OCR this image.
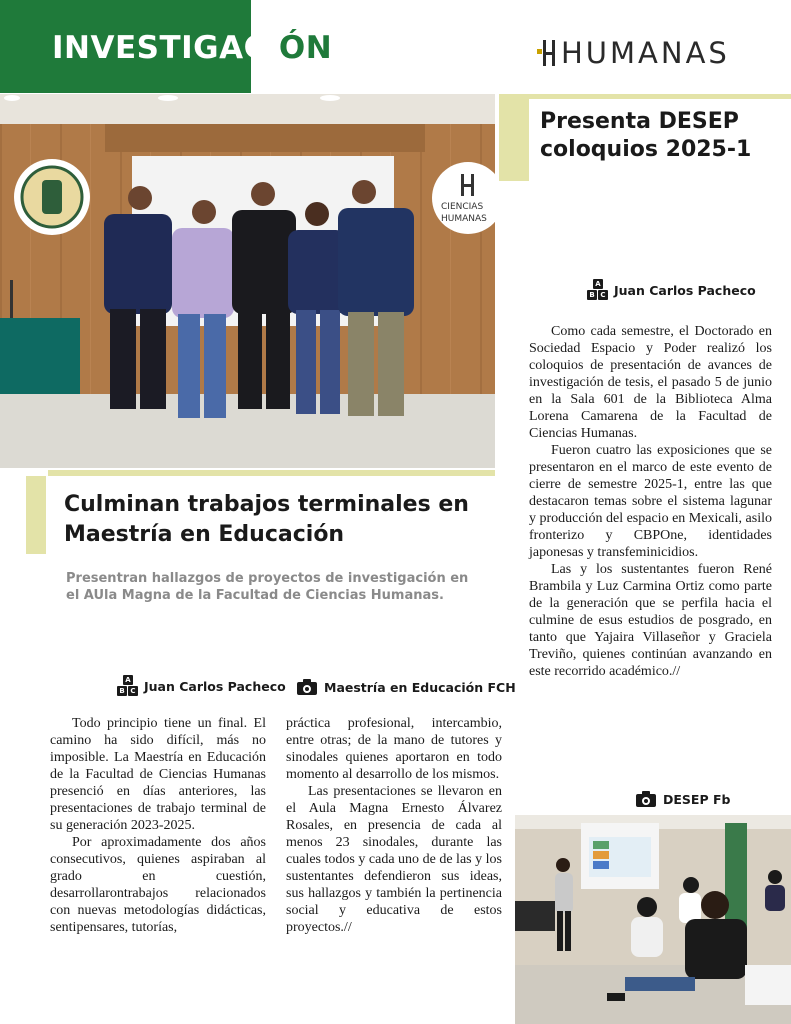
INVESTIGACIÓN	HUMANAS
CIENCIAS
HUMANAS
Presenta DESEP coloquios 2025-1
A
B C Juan Carlos Pacheco

Como cada semestre, el Doctorado en Sociedad Espacio y Poder realizó los coloquios de presentación de avances de investigación de tesis, el pasado 5 de junio en la Sala 601 de la Biblioteca Alma Lorena Camarena de la Facultad de Ciencias Humanas.

Fueron cuatro las exposiciones que se presentaron en el marco de este evento de cierre de semestre 2025-1, entre las que destacaron temas sobre el sistema lagunar y producción del espacio en Mexicali, asilo fronterizo y CBPOne, identidades japonesas y transfeminicidios.

Las y los sustentantes fueron René Brambila y Luz Carmina Ortiz como parte de la generación que se perfila hacia el culmine de esus estudios de posgrado, en tanto que Yajaira Villaseñor y Graciela Treviño, quienes continúan avanzando en este recorrido académico.//

DESEP Fb
Culminan trabajos terminales en Maestría en Educación
Presentran hallazgos de proyectos de investigación en el AUla Magna de la Facultad de Ciencias Humanas.
A
B C Juan Carlos Pacheco	Maestría en Educación FCH

Todo principio tiene un final. El camino ha sido difícil, más no imposible. La Maestría en Educación de la Facultad de Ciencias Humanas presenció en días anteriores, las presentaciones de trabajo terminal de su generación 2023-2025.

Por aproximadamente dos años consecutivos, quienes aspiraban al grado en cuestión, desarrollarontrabajos relacionados con nuevas metodologías didácticas, sentipensares, tutorías,

práctica profesional, intercambio, entre otras; de la mano de tutores y sinodales quienes aportaron en todo momento al desarrollo de los mismos.

Las presentaciones se llevaron en el Aula Magna Ernesto Álvarez Rosales, en presencia de cada al menos 23 sinodales, durante las cuales todos y cada uno de de las y los sustentantes defendieron sus ideas, sus hallazgos y también la pertinencia social y educativa de estos proyectos.//
